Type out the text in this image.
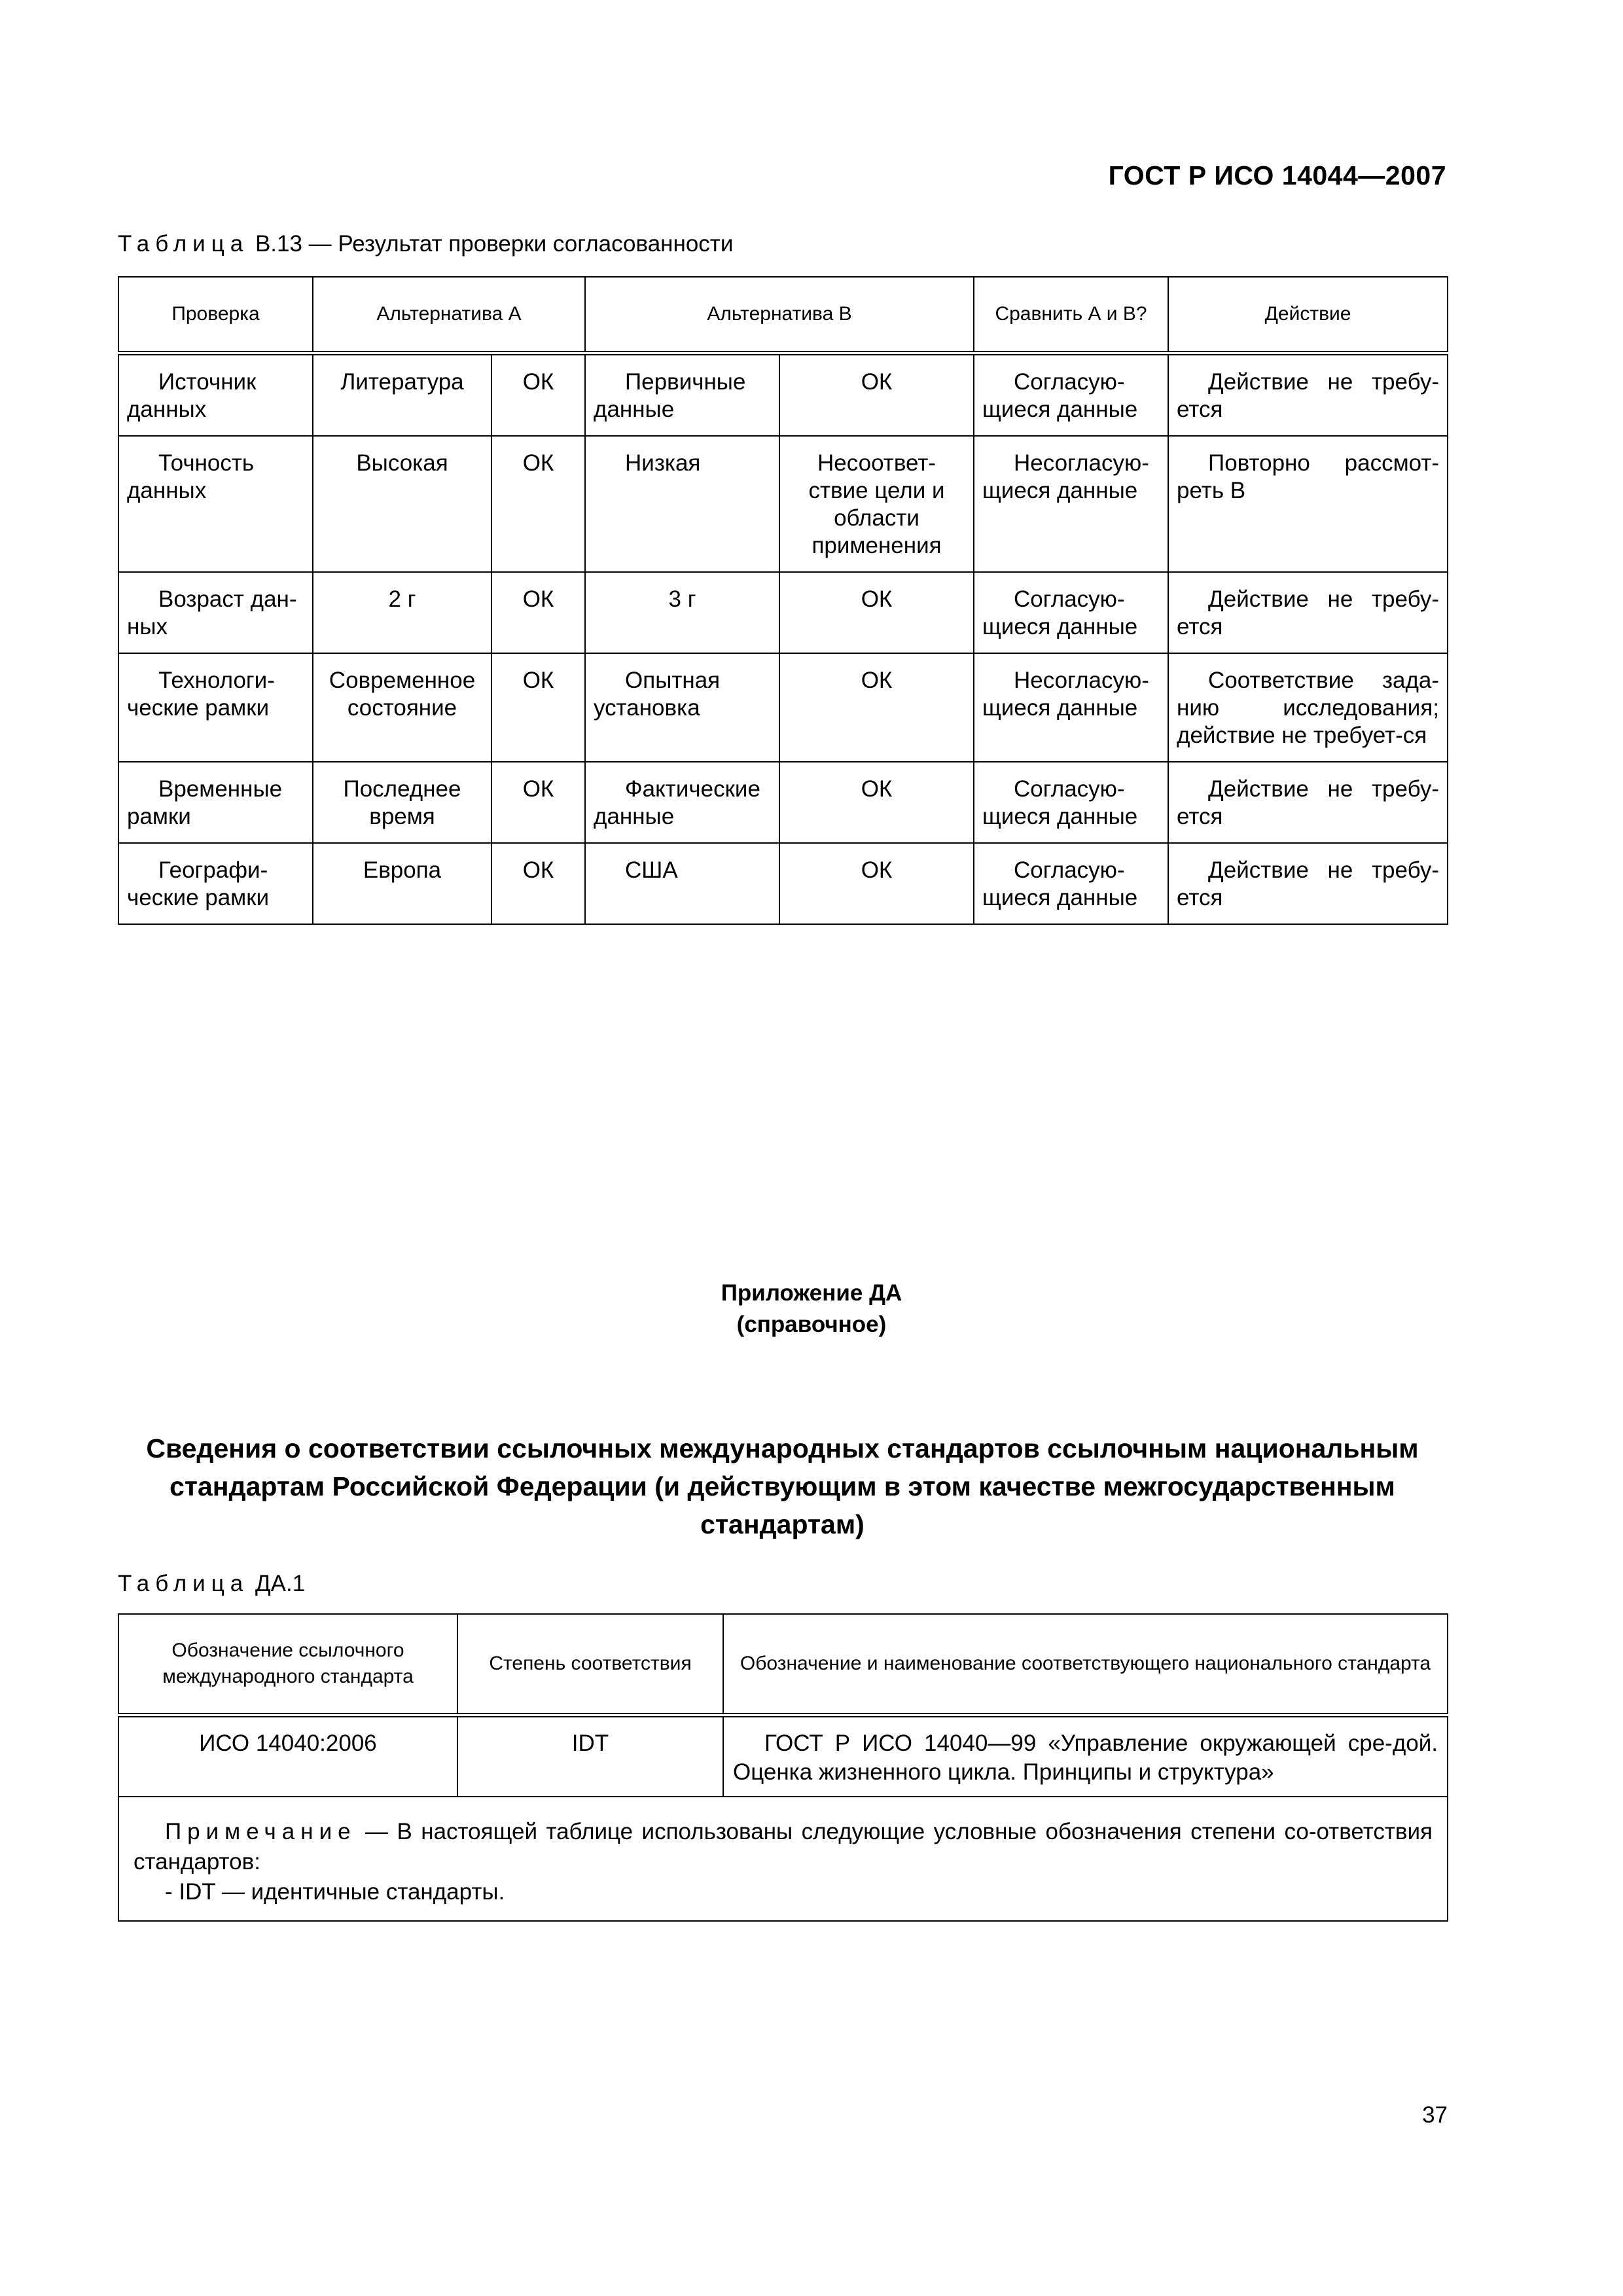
ГОСТ Р ИСО 14044—2007
Таблица B.13 — Результат проверки согласованности
Проверка	Альтернатива А		Альтернатива В		Сравнить А и В?	Действие
Источник данных	Литература	ОК	Первичные данные	ОК	Согласую-щиеся данные	Действие не требу-ется
Точность данных	Высокая	ОК	Низкая	Несоответ-ствие цели и области применения	Несогласую-щиеся данные	Повторно рассмот-реть В
Возраст дан-ных	2 г	ОК	3 г	ОК	Согласую-щиеся данные	Действие не требу-ется
Технологи-ческие рамки	Современное состояние	ОК	Опытная установка	ОК	Несогласую-щиеся данные	Соответствие зада-нию исследования; действие не требует-ся
Временные рамки	Последнее время	ОК	Фактические данные	ОК	Согласую-щиеся данные	Действие не требу-ется
Географи-ческие рамки	Европа	ОК	США	ОК	Согласую-щиеся данные	Действие не требу-ется
Приложение ДА
(справочное)
Сведения о соответствии ссылочных международных стандартов ссылочным национальным стандартам Российской Федерации (и действующим в этом качестве межгосударственным стандартам)
Таблица ДА.1
Обозначение ссылочного международного стандарта	Степень соответствия	Обозначение и наименование соответствующего национального стандарта
ИСО 14040:2006	IDT	ГОСТ Р ИСО 14040—99 «Управление окружающей сре-дой. Оценка жизненного цикла. Принципы и структура»

Примечание — В настоящей таблице использованы следующие условные обозначения степени со-ответствия стандартов:
- IDT — идентичные стандарты.		
37
